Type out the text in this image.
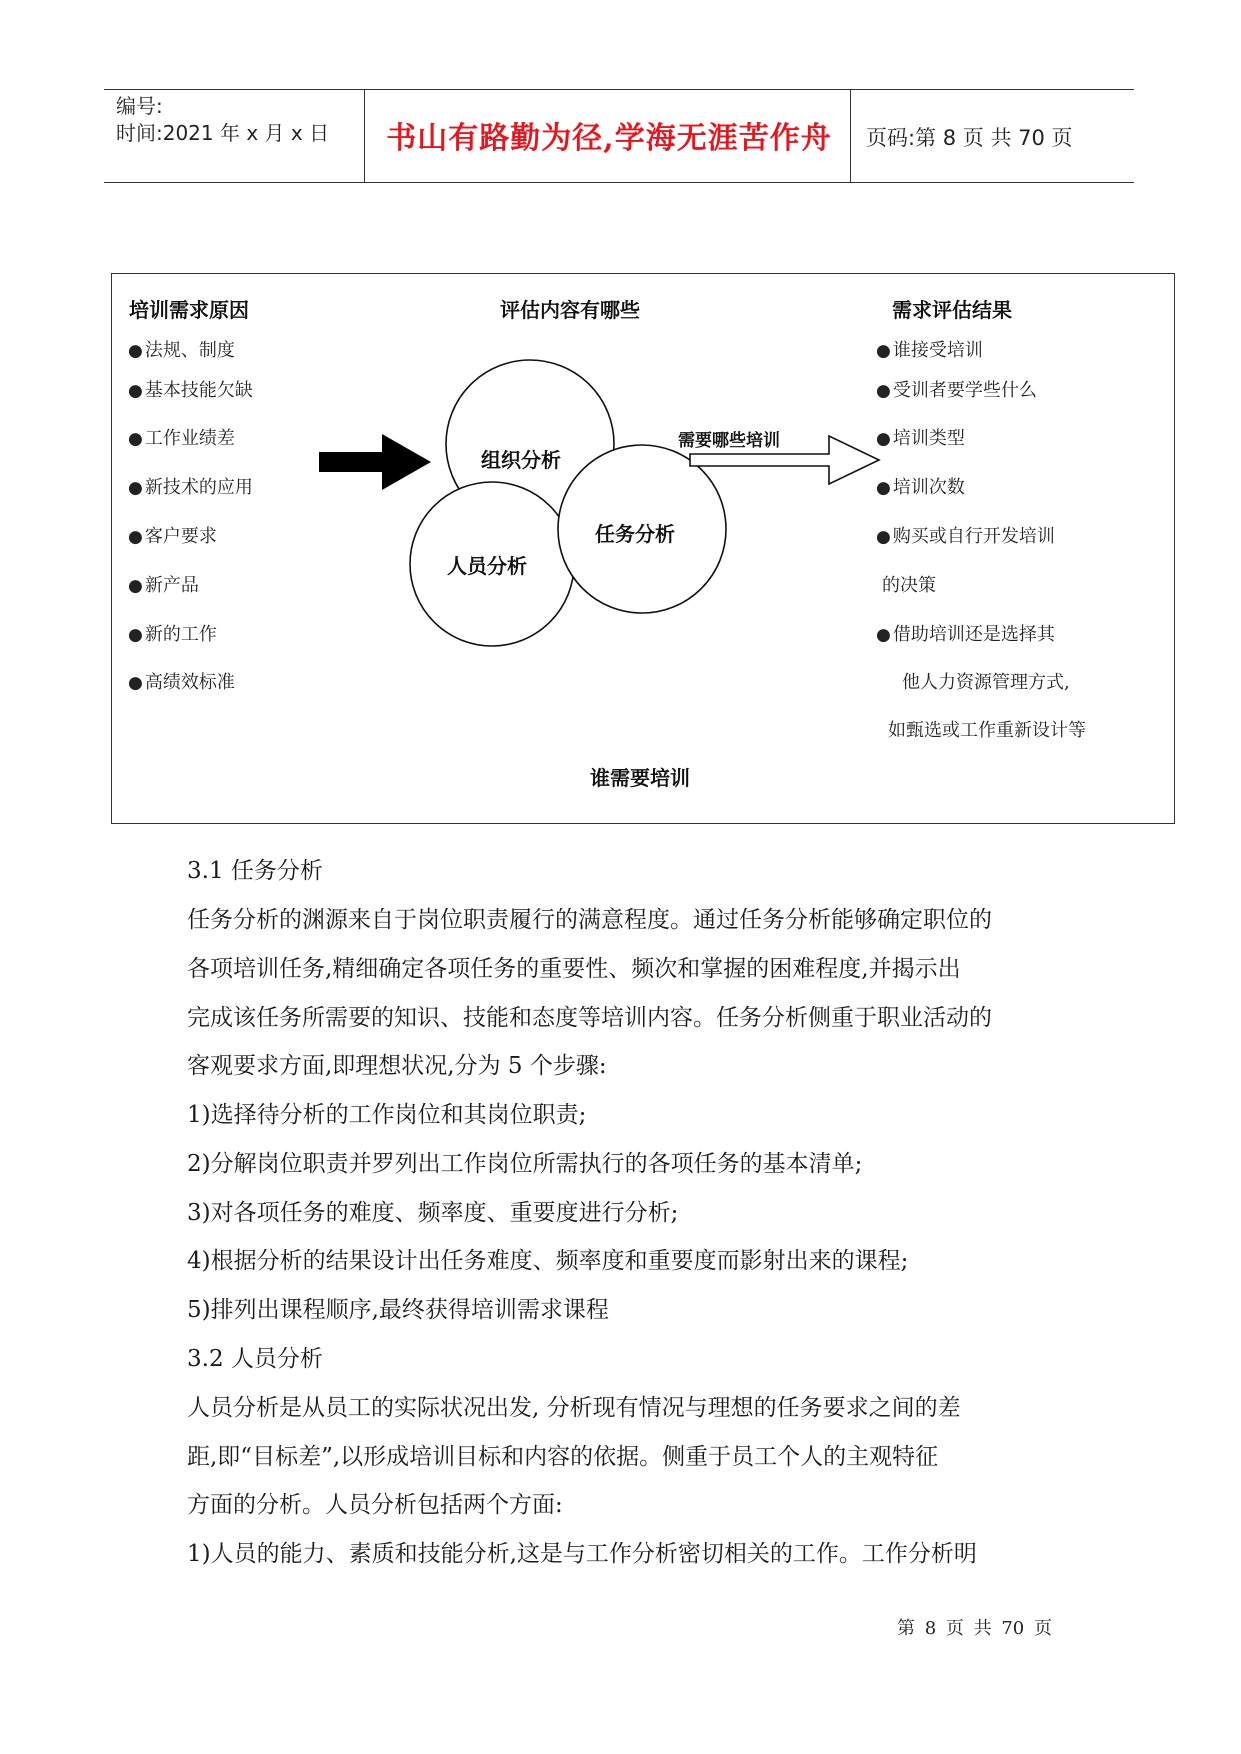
编号:
时间:2021 年 x 月 x 日	书山有路勤为径,学海无涯苦作舟	页码:第 8 页 共 70 页
培训需求原因	评估内容有哪些	需求评估结果
● 法规、制度
● 基本技能欠缺
● 工作业绩差
● 新技术的应用
● 客户要求
● 新产品
● 新的工作
● 高绩效标准
组织分析
任务分析
人员分析
需要哪些培训
● 谁接受培训
● 受训者要学些什么
● 培训类型
● 培训次数
● 购买或自行开发培训
的决策
● 借助培训还是选择其
他人力资源管理方式,
如甄选或工作重新设计等
谁需要培训
3.1 任务分析
任务分析的渊源来自于岗位职责履行的满意程度。通过任务分析能够确定职位的
各项培训任务,精细确定各项任务的重要性、频次和掌握的困难程度,并揭示出
完成该任务所需要的知识、技能和态度等培训内容。任务分析侧重于职业活动的
客观要求方面,即理想状况,分为 5 个步骤:
1)选择待分析的工作岗位和其岗位职责;
2)分解岗位职责并罗列出工作岗位所需执行的各项任务的基本清单;
3)对各项任务的难度、频率度、重要度进行分析;
4)根据分析的结果设计出任务难度、频率度和重要度而影射出来的课程;
5)排列出课程顺序,最终获得培训需求课程
3.2 人员分析
人员分析是从员工的实际状况出发, 分析现有情况与理想的任务要求之间的差
距,即“目标差”,以形成培训目标和内容的依据。侧重于员工个人的主观特征
方面的分析。人员分析包括两个方面:
1)人员的能力、素质和技能分析,这是与工作分析密切相关的工作。工作分析明
第 8 页 共 70 页
